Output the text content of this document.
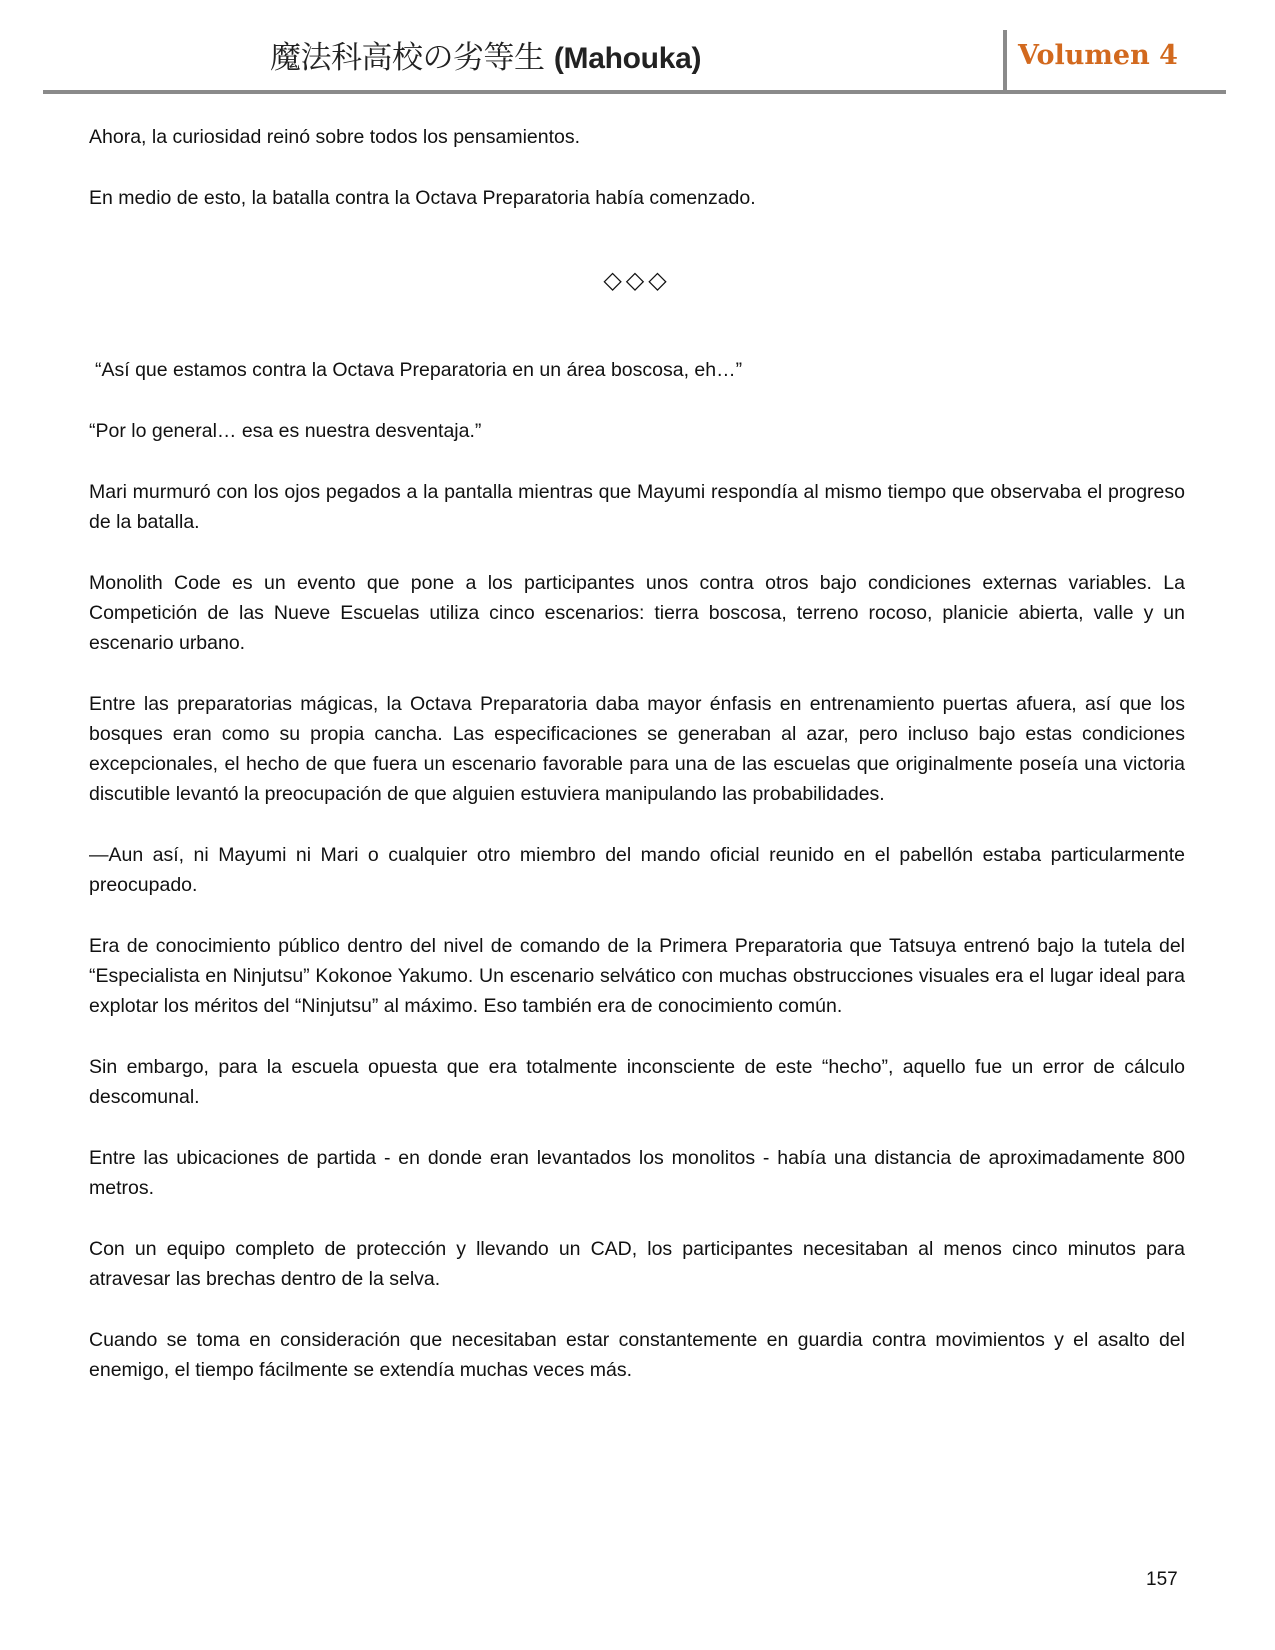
魔法科高校の劣等生 (Mahouka)	Volumen 4

Ahora, la curiosidad reinó sobre todos los pensamientos.

En medio de esto, la batalla contra la Octava Preparatoria había comenzado.

◇◇◇

“Así que estamos contra la Octava Preparatoria en un área boscosa, eh…”

“Por lo general… esa es nuestra desventaja.”

Mari murmuró con los ojos pegados a la pantalla mientras que Mayumi respondía al mismo tiempo que observaba el progreso de la batalla.

Monolith Code es un evento que pone a los participantes unos contra otros bajo condiciones externas variables. La Competición de las Nueve Escuelas utiliza cinco escenarios: tierra boscosa, terreno rocoso, planicie abierta, valle y un escenario urbano.

Entre las preparatorias mágicas, la Octava Preparatoria daba mayor énfasis en entrenamiento puertas afuera, así que los bosques eran como su propia cancha. Las especificaciones se generaban al azar, pero incluso bajo estas condiciones excepcionales, el hecho de que fuera un escenario favorable para una de las escuelas que originalmente poseía una victoria discutible levantó la preocupación de que alguien estuviera manipulando las probabilidades.

—Aun así, ni Mayumi ni Mari o cualquier otro miembro del mando oficial reunido en el pabellón estaba particularmente preocupado.

Era de conocimiento público dentro del nivel de comando de la Primera Preparatoria que Tatsuya entrenó bajo la tutela del “Especialista en Ninjutsu” Kokonoe Yakumo. Un escenario selvático con muchas obstrucciones visuales era el lugar ideal para explotar los méritos del “Ninjutsu” al máximo. Eso también era de conocimiento común.

Sin embargo, para la escuela opuesta que era totalmente inconsciente de este “hecho”, aquello fue un error de cálculo descomunal.

Entre las ubicaciones de partida - en donde eran levantados los monolitos - había una distancia de aproximadamente 800 metros.

Con un equipo completo de protección y llevando un CAD, los participantes necesitaban al menos cinco minutos para atravesar las brechas dentro de la selva.

Cuando se toma en consideración que necesitaban estar constantemente en guardia contra movimientos y el asalto del enemigo, el tiempo fácilmente se extendía muchas veces más.

157
